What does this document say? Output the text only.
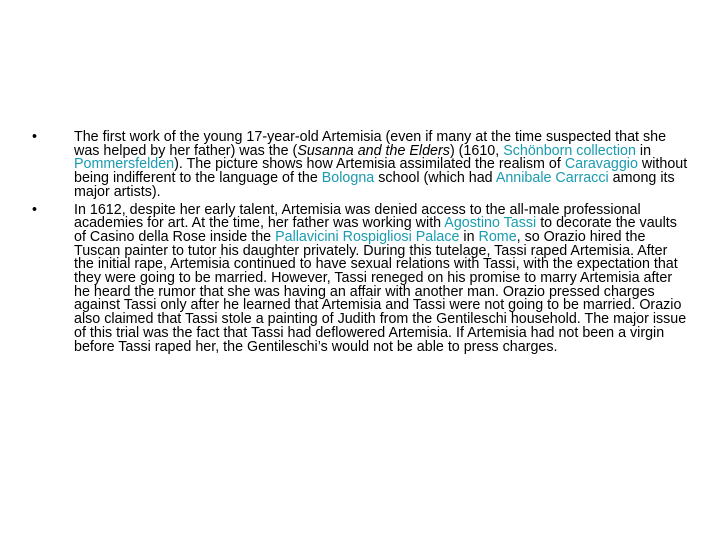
•	The first work of the young 17-year-old Artemisia (even if many at the time suspected that she was helped by her father) was the (Susanna and the Elders) (1610, Schönborn collection in Pommersfelden). The picture shows how Artemisia assimilated the realism of Caravaggio without being indifferent to the language of the Bologna school (which had Annibale Carracci among its major artists).
•	In 1612, despite her early talent, Artemisia was denied access to the all-male professional academies for art. At the time, her father was working with Agostino Tassi to decorate the vaults of Casino della Rose inside the Pallavicini Rospigliosi Palace in Rome, so Orazio hired the Tuscan painter to tutor his daughter privately. During this tutelage, Tassi raped Artemisia. After the initial rape, Artemisia continued to have sexual relations with Tassi, with the expectation that they were going to be married. However, Tassi reneged on his promise to marry Artemisia after he heard the rumor that she was having an affair with another man. Orazio pressed charges against Tassi only after he learned that Artemisia and Tassi were not going to be married. Orazio also claimed that Tassi stole a painting of Judith from the Gentileschi household. The major issue of this trial was the fact that Tassi had deflowered Artemisia. If Artemisia had not been a virgin before Tassi raped her, the Gentileschi’s would not be able to press charges.
